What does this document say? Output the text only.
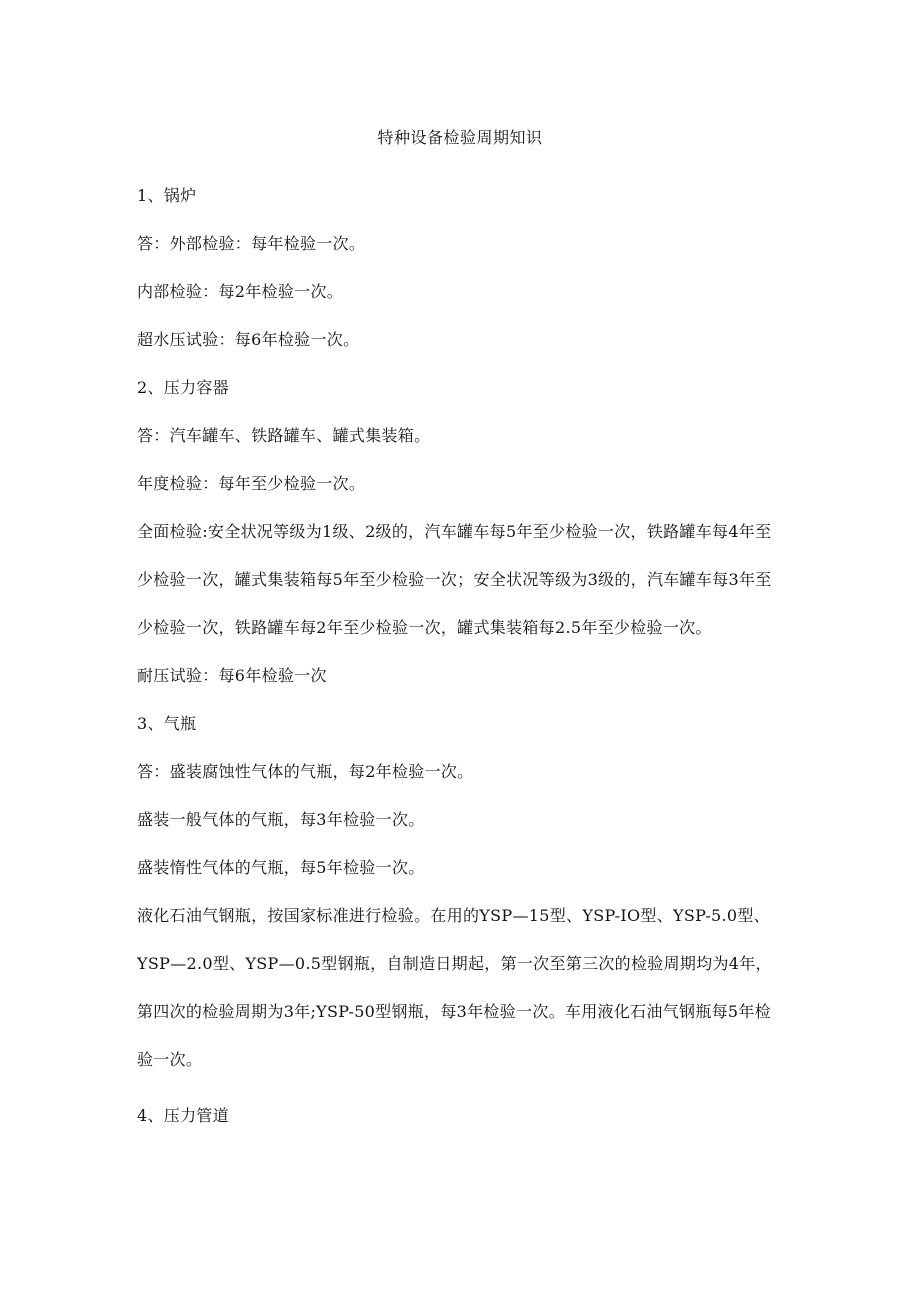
特种设备检验周期知识

1、锅炉

答：外部检验：每年检验一次。

内部检验：每2年检验一次。

超水压试验：每6年检验一次。

2、压力容器

答：汽车罐车、铁路罐车、罐式集装箱。

年度检验：每年至少检验一次。

全面检验:安全状况等级为1级、2级的，汽车罐车每5年至少检验一次，铁路罐车每4年至少检验一次，罐式集装箱每5年至少检验一次；安全状况等级为3级的，汽车罐车每3年至少检验一次，铁路罐车每2年至少检验一次，罐式集装箱每2.5年至少检验一次。

耐压试验：每6年检验一次

3、气瓶

答：盛装腐蚀性气体的气瓶，每2年检验一次。

盛装一般气体的气瓶，每3年检验一次。

盛装惰性气体的气瓶，每5年检验一次。

液化石油气钢瓶，按国家标准进行检验。在用的YSP—15型、YSP-IO型、YSP-5.0型、YSP—2.0型、YSP—0.5型钢瓶，自制造日期起，第一次至第三次的检验周期均为4年，第四次的检验周期为3年;YSP-50型钢瓶，每3年检验一次。车用液化石油气钢瓶每5年检验一次。

4、压力管道
